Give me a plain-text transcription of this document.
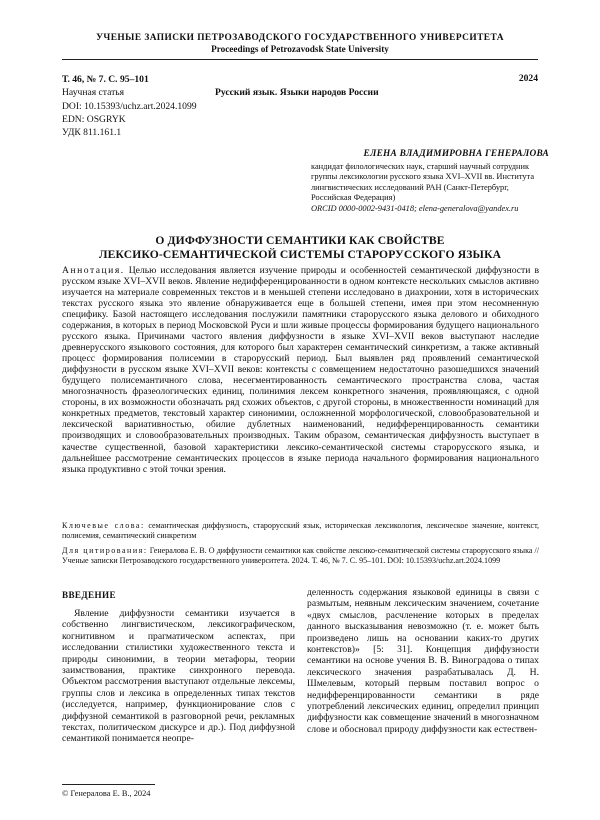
УЧЕНЫЕ ЗАПИСКИ ПЕТРОЗАВОДСКОГО ГОСУДАРСТВЕННОГО УНИВЕРСИТЕТА
Proceedings of Petrozavodsk State University
Т. 46, № 7. С. 95–101
Научная статья
DOI: 10.15393/uchz.art.2024.1099
EDN: OSGRYK
УДК 811.161.1
Русский язык. Языки народов России
2024
ЕЛЕНА ВЛАДИМИРОВНА ГЕНЕРАЛОВА
кандидат филологических наук, старший научный сотрудник группы лексикологии русского языка XVI–XVII вв. Института лингвистических исследований РАН (Санкт-Петербург, Российская Федерация)
ORCID 0000-0002-9431-0418; elena-generalova@yandex.ru
О ДИФФУЗНОСТИ СЕМАНТИКИ КАК СВОЙСТВЕ
ЛЕКСИКО-СЕМАНТИЧЕСКОЙ СИСТЕМЫ СТАРОРУССКОГО ЯЗЫКА

Аннотация. Целью исследования является изучение природы и особенностей семантической диффузности в русском языке XVI–XVII веков. Явление недифференцированности в одном контексте нескольких смыслов активно изучается на материале современных текстов и в меньшей степени исследовано в диахронии, хотя в исторических текстах русского языка это явление обнаруживается еще в большей степени, имея при этом несомненную специфику. Базой настоящего исследования послужили памятники старорусского языка делового и обиходного содержания, в которых в период Московской Руси и шли живые процессы формирования будущего национального русского языка. Причинами частого явления диффузности в языке XVI–XVII веков выступают наследие древнерусского языкового состояния, для которого был характерен семантический синкретизм, а также активный процесс формирования полисемии в старорусский период. Был выявлен ряд проявлений семантической диффузности в русском языке XVI–XVII веков: контексты с совмещением недостаточно разошедшихся значений будущего полисемантичного слова, несегментированность семантического пространства слова, частая многозначность фразеологических единиц, полинимия лексем конкретного значения, проявляющаяся, с одной стороны, в их возможности обозначать ряд схожих объектов, с другой стороны, в множественности номинаций для конкретных предметов, текстовый характер синонимии, осложненной морфологической, словообразовательной и лексической вариативностью, обилие дублетных наименований, недифференцированность семантики производящих и словообразовательных производных. Таким образом, семантическая диффузность выступает в качестве существенной, базовой характеристики лексико-семантической системы старорусского языка, и дальнейшее рассмотрение семантических процессов в языке периода начального формирования национального языка продуктивно с этой точки зрения.

Ключевые слова: семантическая диффузность, старорусский язык, историческая лексикология, лексическое значение, контекст, полисемия, семантический синкретизм

Для цитирования: Генералова Е. В. О диффузности семантики как свойстве лексико-семантической системы старорусского языка // Ученые записки Петрозаводского государственного университета. 2024. Т. 46, № 7. С. 95–101. DOI: 10.15393/uchz.art.2024.1099

ВВЕДЕНИЕ

Явление диффузности семантики изучается в собственно лингвистическом, лексикографическом, когнитивном и прагматическом аспектах, при исследовании стилистики художественного текста и природы синонимии, в теории метафоры, теории заимствования, практике синхронного перевода. Объектом рассмотрения выступают отдельные лексемы, группы слов и лексика в определенных типах текстов (исследуется, например, функционирование слов с диффузной семантикой в разговорной речи, рекламных текстах, политическом дискурсе и др.). Под диффузной семантикой понимается неопре-

деленность содержания языковой единицы в связи с размытым, неявным лексическим значением, сочетание «двух смыслов, расчленение которых в пределах данного высказывания невозможно (т. е. может быть произведено лишь на основании каких-то других контекстов)» [5: 31]. Концепция диффузности семантики на основе учения В. В. Виноградова о типах лексического значения разрабатывалась Д. Н. Шмелевым, который первым поставил вопрос о недифференцированности семантики в ряде употреблений лексических единиц, определил принцип диффузности как совмещение значений в многозначном слове и обосновал природу диффузности как естествен-

© Генералова Е. В., 2024
